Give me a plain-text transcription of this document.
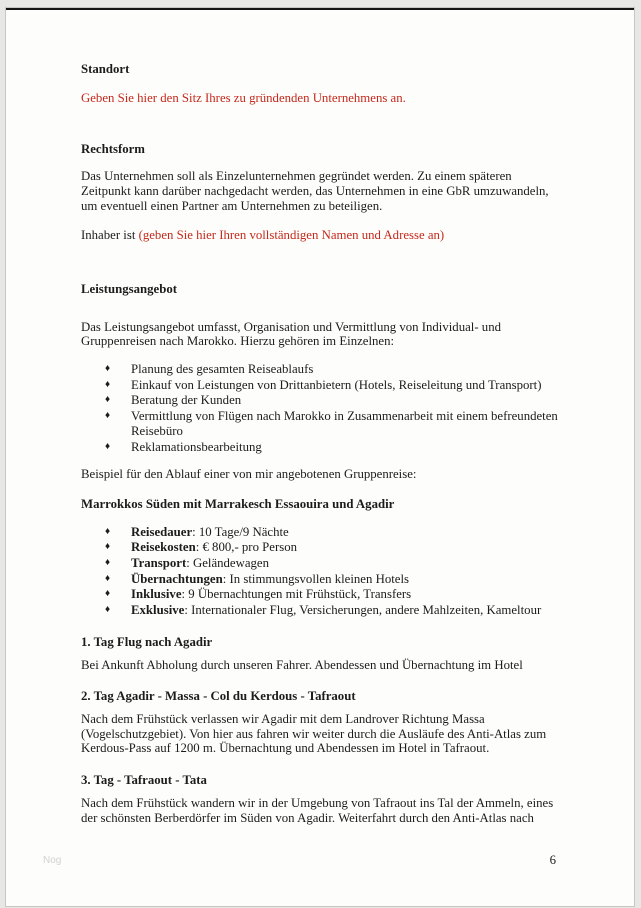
Standort

Geben Sie hier den Sitz Ihres zu gründenden Unternehmens an.

Rechtsform

Das Unternehmen soll als Einzelunternehmen gegründet werden. Zu einem späteren Zeitpunkt kann darüber nachgedacht werden, das Unternehmen in eine GbR umzuwandeln, um eventuell einen Partner am Unternehmen zu beteiligen.

Inhaber ist (geben Sie hier Ihren vollständigen Namen und Adresse an)

Leistungsangebot

Das Leistungsangebot umfasst, Organisation und Vermittlung von Individual- und Gruppenreisen nach Marokko. Hierzu gehören im Einzelnen:

♦	Planung des gesamten Reiseablaufs
♦	Einkauf von Leistungen von Drittanbietern (Hotels, Reiseleitung und Transport)
♦	Beratung der Kunden
♦	Vermittlung von Flügen nach Marokko in Zusammenarbeit mit einem befreundeten Reisebüro
♦	Reklamationsbearbeitung

Beispiel für den Ablauf einer von mir angebotenen Gruppenreise:

Marrokkos Süden mit Marrakesch Essaouira und Agadir

♦	Reisedauer: 10 Tage/9 Nächte
♦	Reisekosten: € 800,- pro Person
♦	Transport: Geländewagen
♦	Übernachtungen: In stimmungsvollen kleinen Hotels
♦	Inklusive: 9 Übernachtungen mit Frühstück, Transfers
♦	Exklusive: Internationaler Flug, Versicherungen, andere Mahlzeiten, Kameltour

1. Tag Flug nach Agadir

Bei Ankunft Abholung durch unseren Fahrer. Abendessen und Übernachtung im Hotel

2. Tag Agadir - Massa - Col du Kerdous - Tafraout

Nach dem Frühstück verlassen wir Agadir mit dem Landrover Richtung Massa (Vogelschutzgebiet). Von hier aus fahren wir weiter durch die Ausläufe des Anti-Atlas zum Kerdous-Pass auf 1200 m. Übernachtung und Abendessen im Hotel in Tafraout.

3. Tag - Tafraout - Tata

Nach dem Frühstück wandern wir in der Umgebung von Tafraout ins Tal der Ammeln, eines der schönsten Berberdörfer im Süden von Agadir. Weiterfahrt durch den Anti-Atlas nach

Nog	6
